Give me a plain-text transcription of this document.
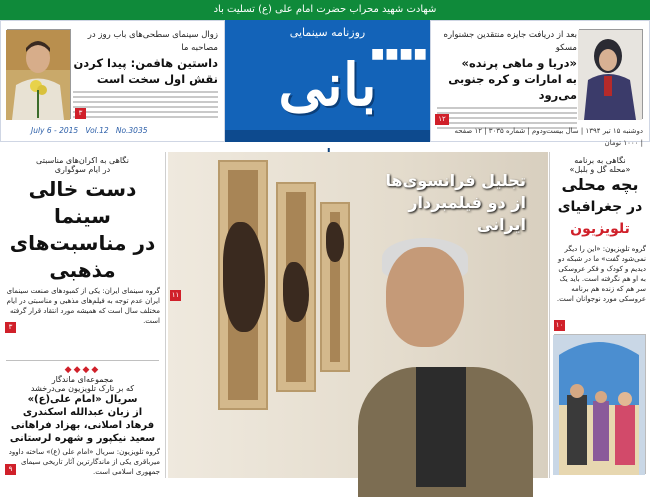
شهادت شهید محراب حضرت امام علی (ع) تسلیت باد
زوال سینمای سطحی‌های باب روز در مصاحبه ما
داستین هافمن: پیدا کردن
نقش اول سخت است
۳
July 6 - 2015 Vol.12 No.3035
روزنامه سینمایی
■■■■
بانی
بعد از دریافت جایزه منتقدین جشنواره مسکو
«دریا و ماهی پرنده»
به امارات و کره جنوبی می‌رود
۱۲
دوشنبه ۱۵ تیر ۱۳۹۴ | سال بیست‌ودوم | شماره ۳۰۳۵ | ۱۲ صفحه | ۱۰۰۰ تومان
نگاهی به برنامه
«محله گل و بلبل»
بچه محلی
در جغرافیای
تلویزیون
گروه تلویزیون: «این را دیگر نمی‌شود گفت» ما در شبکه دو دیدیم و کودک و فکر عروسکی به او هم نگرفته است. باید یک سر هم که زنده هم برنامه عروسکی مورد نوجوانان است.
۱۰
تجلیل فرانسوی‌ها
از دو فیلمبردار ایرانی
۱۱
نگاهی به اکران‌های مناسبتی
در ایام سوگواری
دست خالی سینما
در مناسبت‌های
مذهبی
گروه سینمای ایران: یکی از کمبودهای صنعت سینمای ایران عدم توجه به فیلم‌های مذهبی و مناسبتی در ایام مختلف سال است که همیشه مورد انتقاد قرار گرفته است.
۳
◆◆◆◆
مجموعه‌ای ماندگار
که بر تارک تلویزیون می‌درخشد
سریال «امام علی(ع)»
از زبان عبدالله اسکندری
فرهاد اصلانی، بهزاد فراهانی
سعید نیکپور و شهره لرستانی
گروه تلویزیون: سریال «امام علی (ع)» ساخته داوود میرباقری یکی از ماندگارترین آثار تاریخی سیمای جمهوری اسلامی است.
۹
